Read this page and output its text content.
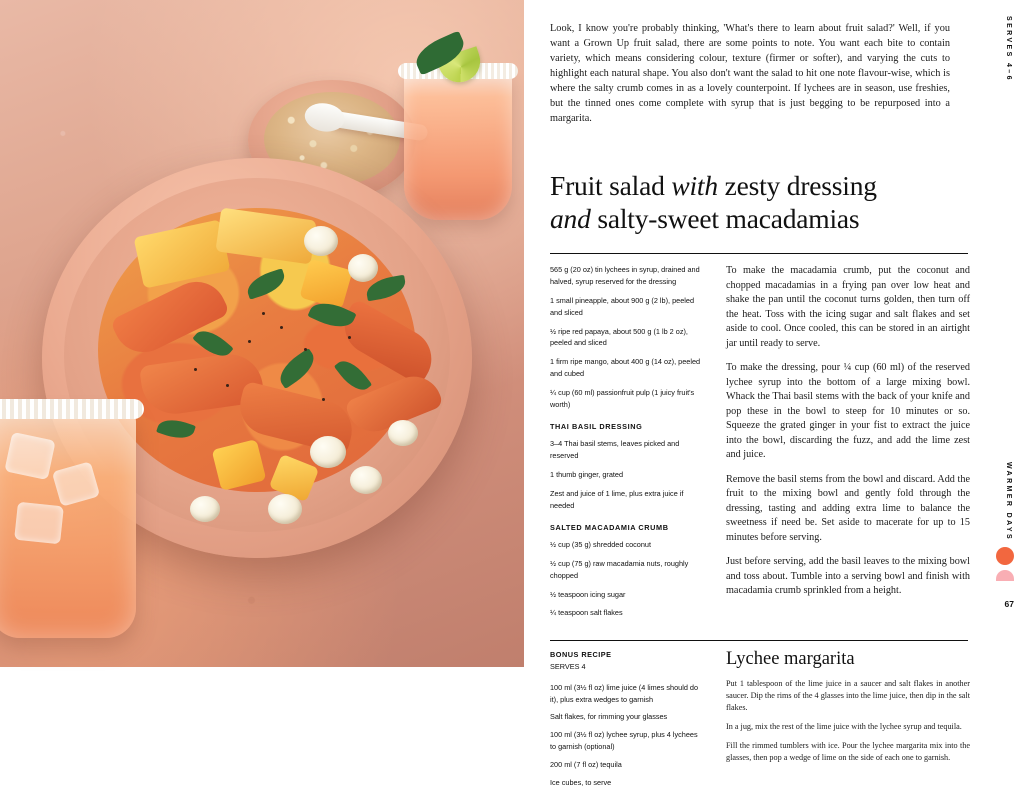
SERVES 4–6
WARMER DAYS
67

Look, I know you're probably thinking, 'What's there to learn about fruit salad?' Well, if you want a Grown Up fruit salad, there are some points to note. You want each bite to contain variety, which means considering colour, texture (firmer or softer), and varying the cuts to highlight each natural shape. You also don't want the salad to hit one note flavour-wise, which is where the salty crumb comes in as a lovely counterpoint. If lychees are in season, use freshies, but the tinned ones come complete with syrup that is just begging to be repurposed into a margarita.

Fruit salad with zesty dressing
and salty-sweet macadamias

565 g (20 oz) tin lychees in syrup, drained and halved, syrup reserved for the dressing

1 small pineapple, about 900 g (2 lb), peeled and sliced

½ ripe red papaya, about 500 g (1 lb 2 oz), peeled and sliced

1 firm ripe mango, about 400 g (14 oz), peeled and cubed

¼ cup (60 ml) passionfruit pulp (1 juicy fruit's worth)

THAI BASIL DRESSING

3–4 Thai basil stems, leaves picked and reserved

1 thumb ginger, grated

Zest and juice of 1 lime, plus extra juice if needed

SALTED MACADAMIA CRUMB

½ cup (35 g) shredded coconut

½ cup (75 g) raw macadamia nuts, roughly chopped

½ teaspoon icing sugar

¼ teaspoon salt flakes

To make the macadamia crumb, put the coconut and chopped macadamias in a frying pan over low heat and shake the pan until the coconut turns golden, then turn off the heat. Toss with the icing sugar and salt flakes and set aside to cool. Once cooled, this can be stored in an airtight jar until ready to serve.

To make the dressing, pour ¼ cup (60 ml) of the reserved lychee syrup into the bottom of a large mixing bowl. Whack the Thai basil stems with the back of your knife and pop these in the bowl to steep for 10 minutes or so. Squeeze the grated ginger in your fist to extract the juice into the bowl, discarding the fuzz, and add the lime zest and juice.

Remove the basil stems from the bowl and discard. Add the fruit to the mixing bowl and gently fold through the dressing, tasting and adding extra lime to balance the sweetness if need be. Set aside to macerate for up to 15 minutes before serving.

Just before serving, add the basil leaves to the mixing bowl and toss about. Tumble into a serving bowl and finish with macadamia crumb sprinkled from a height.

BONUS RECIPE

SERVES 4

100 ml (3½ fl oz) lime juice (4 limes should do it), plus extra wedges to garnish

Salt flakes, for rimming your glasses

100 ml (3½ fl oz) lychee syrup, plus 4 lychees to garnish (optional)

200 ml (7 fl oz) tequila

Ice cubes, to serve

Lychee margarita

Put 1 tablespoon of the lime juice in a saucer and salt flakes in another saucer. Dip the rims of the 4 glasses into the lime juice, then dip in the salt flakes.

In a jug, mix the rest of the lime juice with the lychee syrup and tequila.

Fill the rimmed tumblers with ice. Pour the lychee margarita mix into the glasses, then pop a wedge of lime on the side of each one to garnish.
